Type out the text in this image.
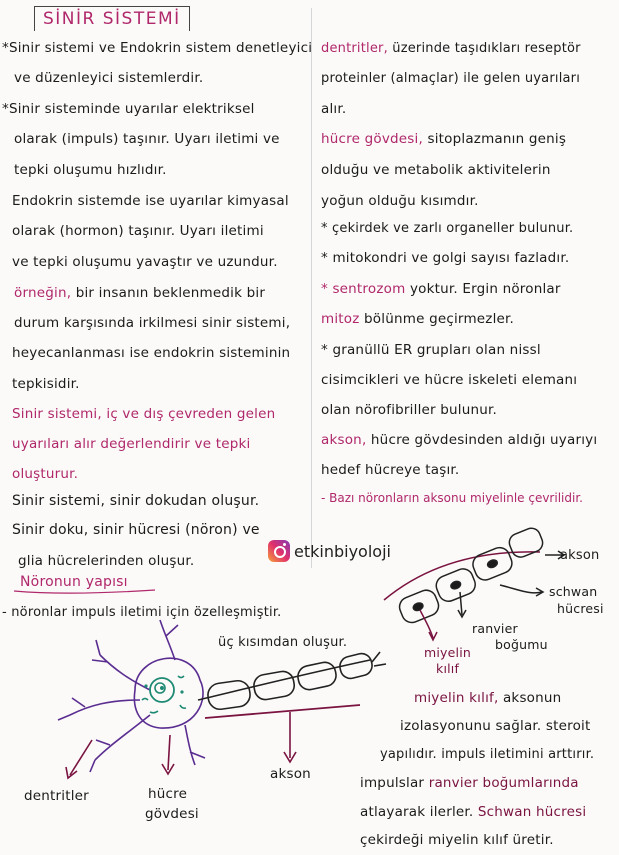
SİNİR SİSTEMİ
*Sinir sistemi ve Endokrin sistem denetleyici
ve düzenleyici sistemlerdir.
*Sinir sisteminde uyarılar elektriksel
olarak (impuls) taşınır. Uyarı iletimi ve
tepki oluşumu hızlıdır.
Endokrin sistemde ise uyarılar kimyasal
olarak (hormon) taşınır. Uyarı iletimi
ve tepki oluşumu yavaştır ve uzundur.
örneğin, bir insanın beklenmedik bir
durum karşısında irkilmesi sinir sistemi,
heyecanlanması ise endokrin sisteminin
tepkisidir.
Sinir sistemi, iç ve dış çevreden gelen
uyarıları alır değerlendirir ve tepki
oluşturur.
Sinir sistemi, sinir dokudan oluşur.
Sinir doku, sinir hücresi (nöron) ve
glia hücrelerinden oluşur.
dentritler, üzerinde taşıdıkları reseptör
proteinler (almaçlar) ile gelen uyarıları
alır.
hücre gövdesi, sitoplazmanın geniş
olduğu ve metabolik aktivitelerin
yoğun olduğu kısımdır.
* çekirdek ve zarlı organeller bulunur.
* mitokondri ve golgi sayısı fazladır.
* sentrozom yoktur. Ergin nöronlar
mitoz bölünme geçirmezler.
* granüllü ER grupları olan nissl
cisimcikleri ve hücre iskeleti elemanı
olan nörofibriller bulunur.
akson, hücre gövdesinden aldığı uyarıyı
hedef hücreye taşır.
- Bazı nöronların aksonu miyelinle çevrilidir.
etkinbiyoloji	akson
schwan
hücresi
ranvier
boğumu
miyelin
kılıf
Nöronun yapısı
- nöronlar impuls iletimi için özelleşmiştir.
üç kısımdan oluşur.
dentritler	hücre
gövdesi
akson
miyelin kılıf, aksonun
izolasyonunu sağlar. steroit
yapılıdır. impuls iletimini arttırır.
impulslar ranvier boğumlarında
atlayarak ilerler. Schwan hücresi
çekirdeği miyelin kılıf üretir.
